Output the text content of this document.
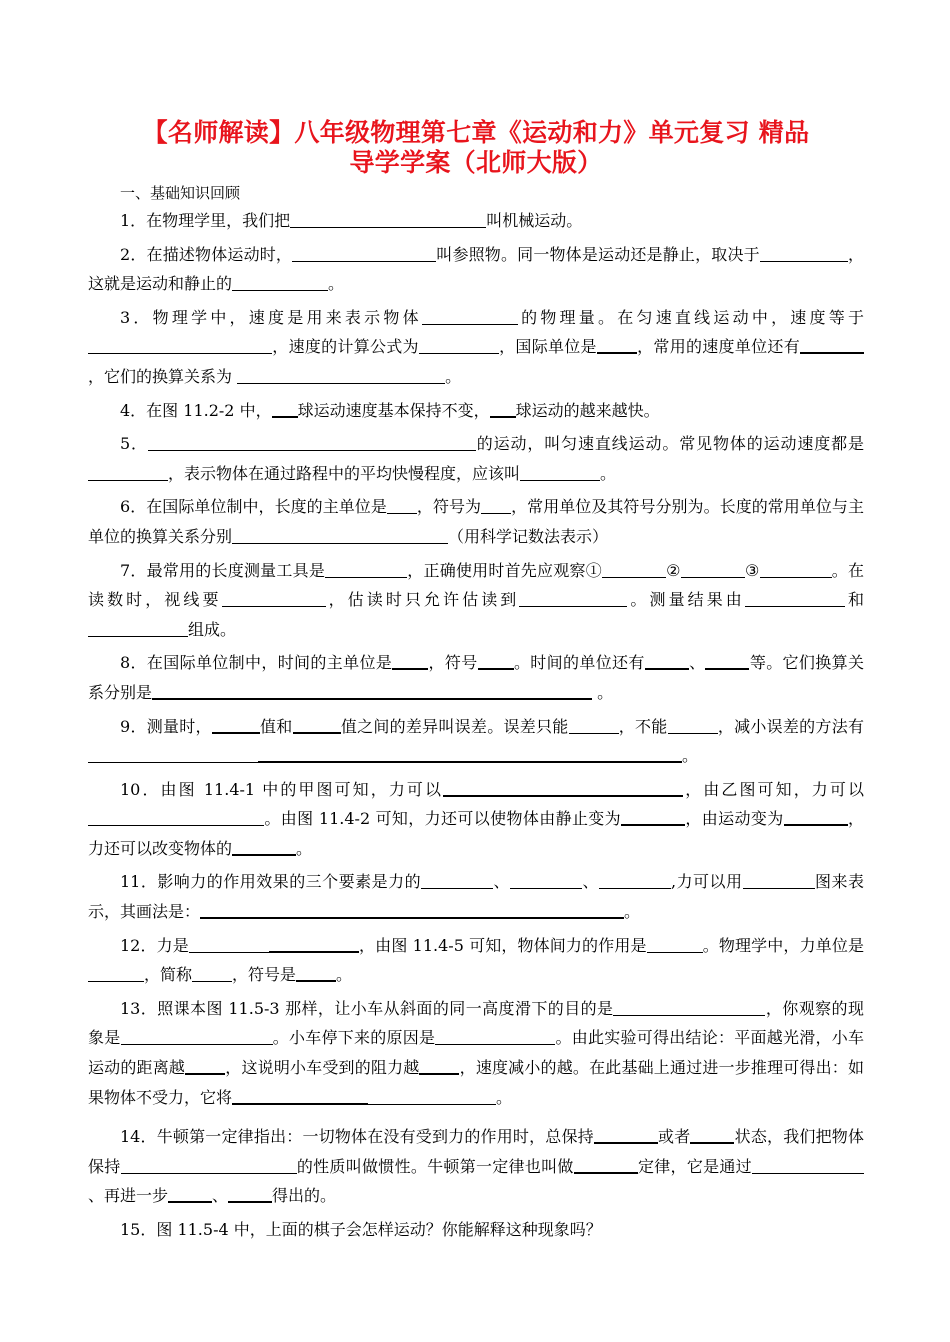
【名师解读】八年级物理第七章《运动和力》单元复习 精品
导学学案（北师大版）
一、基础知识回顾

1．在物理学里，我们把	叫机械运动。

2．在描述物体运动时，	叫参照物。同一物体是运动还是静止，取决于	，这就是运动和静止的	。

3．物理学中，速度是用来表示物体	的物理量。在匀速直线运动中，速度等于，速度的计算公式为	，国际单位是	，常用的速度单位还有，它们的换算关系为	。

4．在图 11.2-2 中， 球运动速度基本保持不变， 球运动的越来越快。

5．	的运动，叫匀速直线运动。常见物体的运动速度都是，表示物体在通过路程中的平均快慢程度，应该叫	。

6．在国际单位制中，长度的主单位是 ，符号为 ，常用单位及其符号分别为。长度的常用单位与主单位的换算关系分别	（用科学记数法表示）

7．最常用的长度测量工具是	，正确使用时首先应观察①	②	③	。在读数时，视线要	，估读时只允许估读到	。测量结果由	和组成。

8．在国际单位制中，时间的主单位是 ，符号 。时间的单位还有	、	等。它们换算关系分别是	。

9．测量时，	值和	值之间的差异叫误差。误差只能	，不能	，减小误差的方法有。

10．由图 11.4-1 中的甲图可知，力可以	，由乙图可知，力可以。由图 11.4-2 可知，力还可以使物体由静止变为	，由运动变为	，力还可以改变物体的	。

11．影响力的作用效果的三个要素是力的	、	、	,力可以用	图来表示，其画法是：	。

12．力是	，由图 11.4-5 可知，物体间力的作用是	。物理学中，力单位是，简称	，符号是	。

13．照课本图 11.5-3 那样，让小车从斜面的同一高度滑下的目的是	，你观察的现象是	。小车停下来的原因是	。由此实验可得出结论：平面越光滑，小车运动的距离越	，这说明小车受到的阻力越	，速度减小的越。在此基础上通过进一步推理可得出：如果物体不受力，它将	。

14．牛顿第一定律指出：一切物体在没有受到力的作用时，总保持	或者	状态，我们把物体保持	的性质叫做惯性。牛顿第一定律也叫做	定律，它是通过、再进一步	、	得出的。

15．图 11.5-4 中，上面的棋子会怎样运动？你能解释这种现象吗？
